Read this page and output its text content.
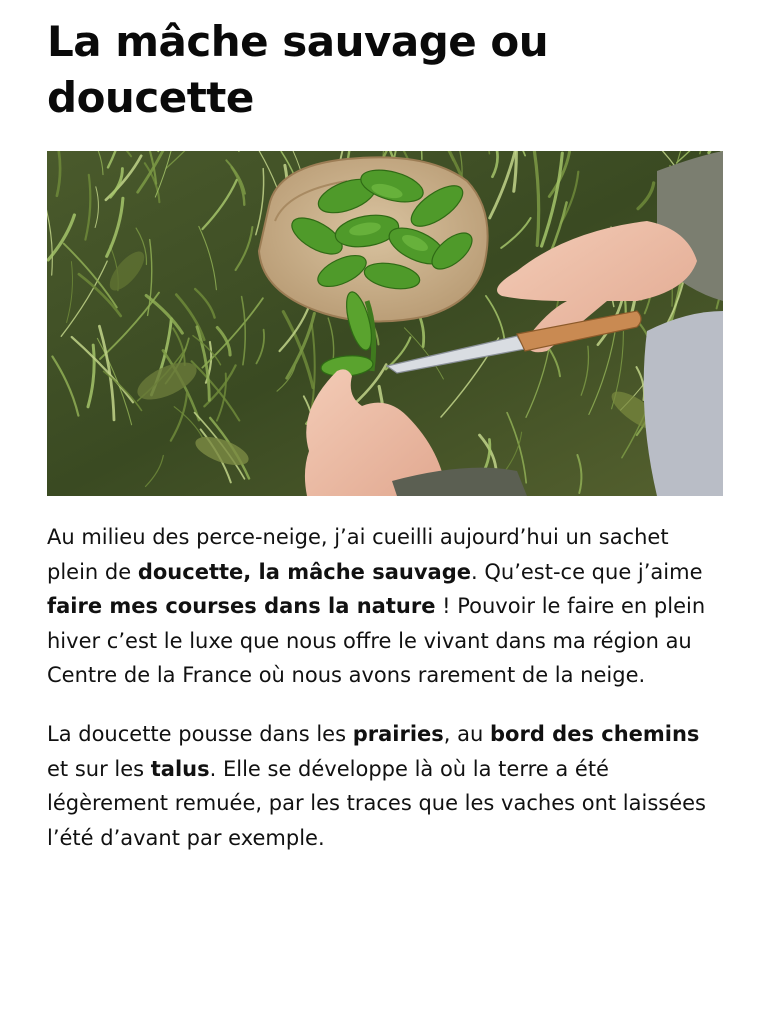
La mâche sauvage ou doucette

Au milieu des perce-neige, j’ai cueilli aujourd’hui un sachet plein de doucette, la mâche sauvage. Qu’est-ce que j’aime faire mes courses dans la nature ! Pouvoir le faire en plein hiver c’est le luxe que nous offre le vivant dans ma région au Centre de la France où nous avons rarement de la neige.

La doucette pousse dans les prairies, au bord des chemins et sur les talus. Elle se développe là où la terre a été légèrement remuée, par les traces que les vaches ont laissées l’été d’avant par exemple.
